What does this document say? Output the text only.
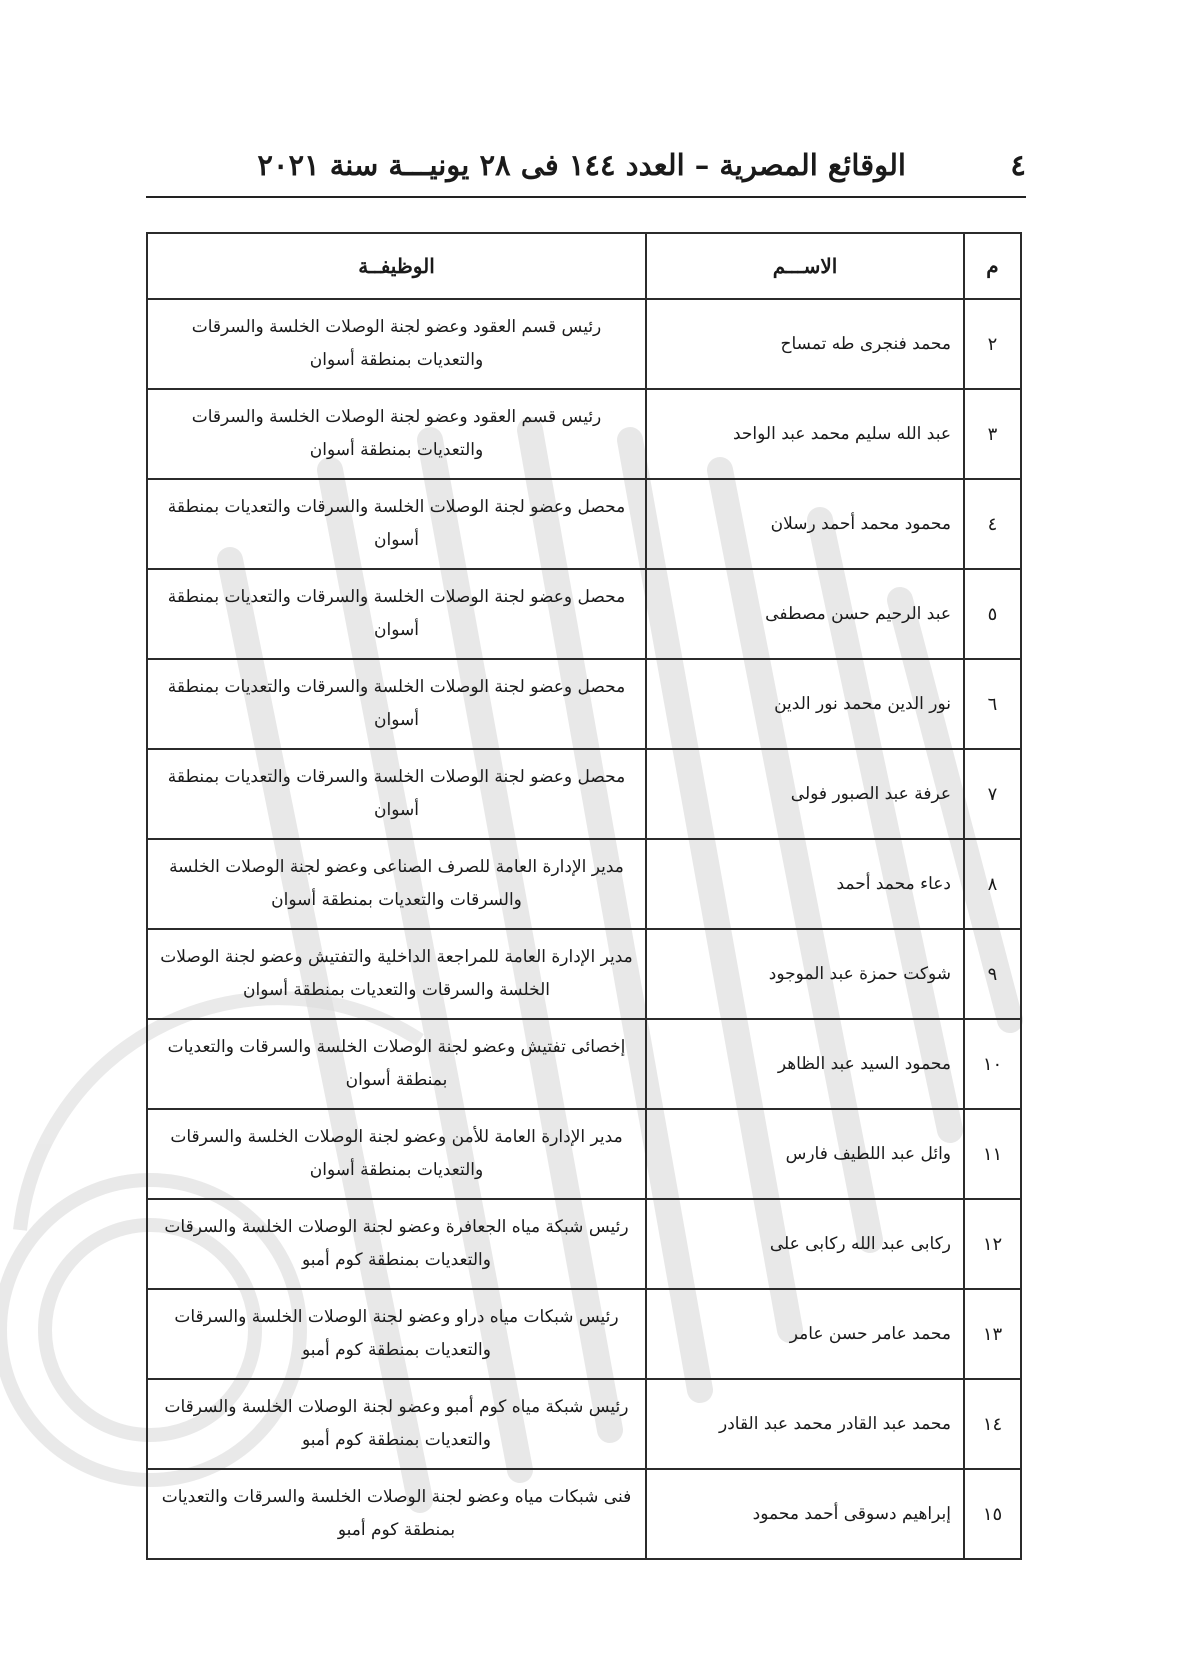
٤
الوقائع المصرية – العدد ١٤٤ فى ٢٨ يونيـــة سنة ٢٠٢١
م	الاســـم	الوظيفــة
٢	محمد فنجرى طه تمساح	رئيس قسم العقود وعضو لجنة الوصلات الخلسة والسرقات والتعديات بمنطقة أسوان
٣	عبد الله سليم محمد عبد الواحد	رئيس قسم العقود وعضو لجنة الوصلات الخلسة والسرقات والتعديات بمنطقة أسوان
٤	محمود محمد أحمد رسلان	محصل وعضو لجنة الوصلات الخلسة والسرقات والتعديات بمنطقة أسوان
٥	عبد الرحيم حسن مصطفى	محصل وعضو لجنة الوصلات الخلسة والسرقات والتعديات بمنطقة أسوان
٦	نور الدين محمد نور الدين	محصل وعضو لجنة الوصلات الخلسة والسرقات والتعديات بمنطقة أسوان
٧	عرفة عبد الصبور فولى	محصل وعضو لجنة الوصلات الخلسة والسرقات والتعديات بمنطقة أسوان
٨	دعاء محمد أحمد	مدير الإدارة العامة للصرف الصناعى وعضو لجنة الوصلات الخلسة والسرقات والتعديات بمنطقة أسوان
٩	شوكت حمزة عبد الموجود	مدير الإدارة العامة للمراجعة الداخلية والتفتيش وعضو لجنة الوصلات الخلسة والسرقات والتعديات بمنطقة أسوان
١٠	محمود السيد عبد الظاهر	إخصائى تفتيش وعضو لجنة الوصلات الخلسة والسرقات والتعديات بمنطقة أسوان
١١	وائل عبد اللطيف فارس	مدير الإدارة العامة للأمن وعضو لجنة الوصلات الخلسة والسرقات والتعديات بمنطقة أسوان
١٢	ركابى عبد الله ركابى على	رئيس شبكة مياه الجعافرة وعضو لجنة الوصلات الخلسة والسرقات والتعديات بمنطقة كوم أمبو
١٣	محمد عامر حسن عامر	رئيس شبكات مياه دراو وعضو لجنة الوصلات الخلسة والسرقات والتعديات بمنطقة كوم أمبو
١٤	محمد عبد القادر محمد عبد القادر	رئيس شبكة مياه كوم أمبو وعضو لجنة الوصلات الخلسة والسرقات والتعديات بمنطقة كوم أمبو
١٥	إبراهيم دسوقى أحمد محمود	فنى شبكات مياه وعضو لجنة الوصلات الخلسة والسرقات والتعديات بمنطقة كوم أمبو
